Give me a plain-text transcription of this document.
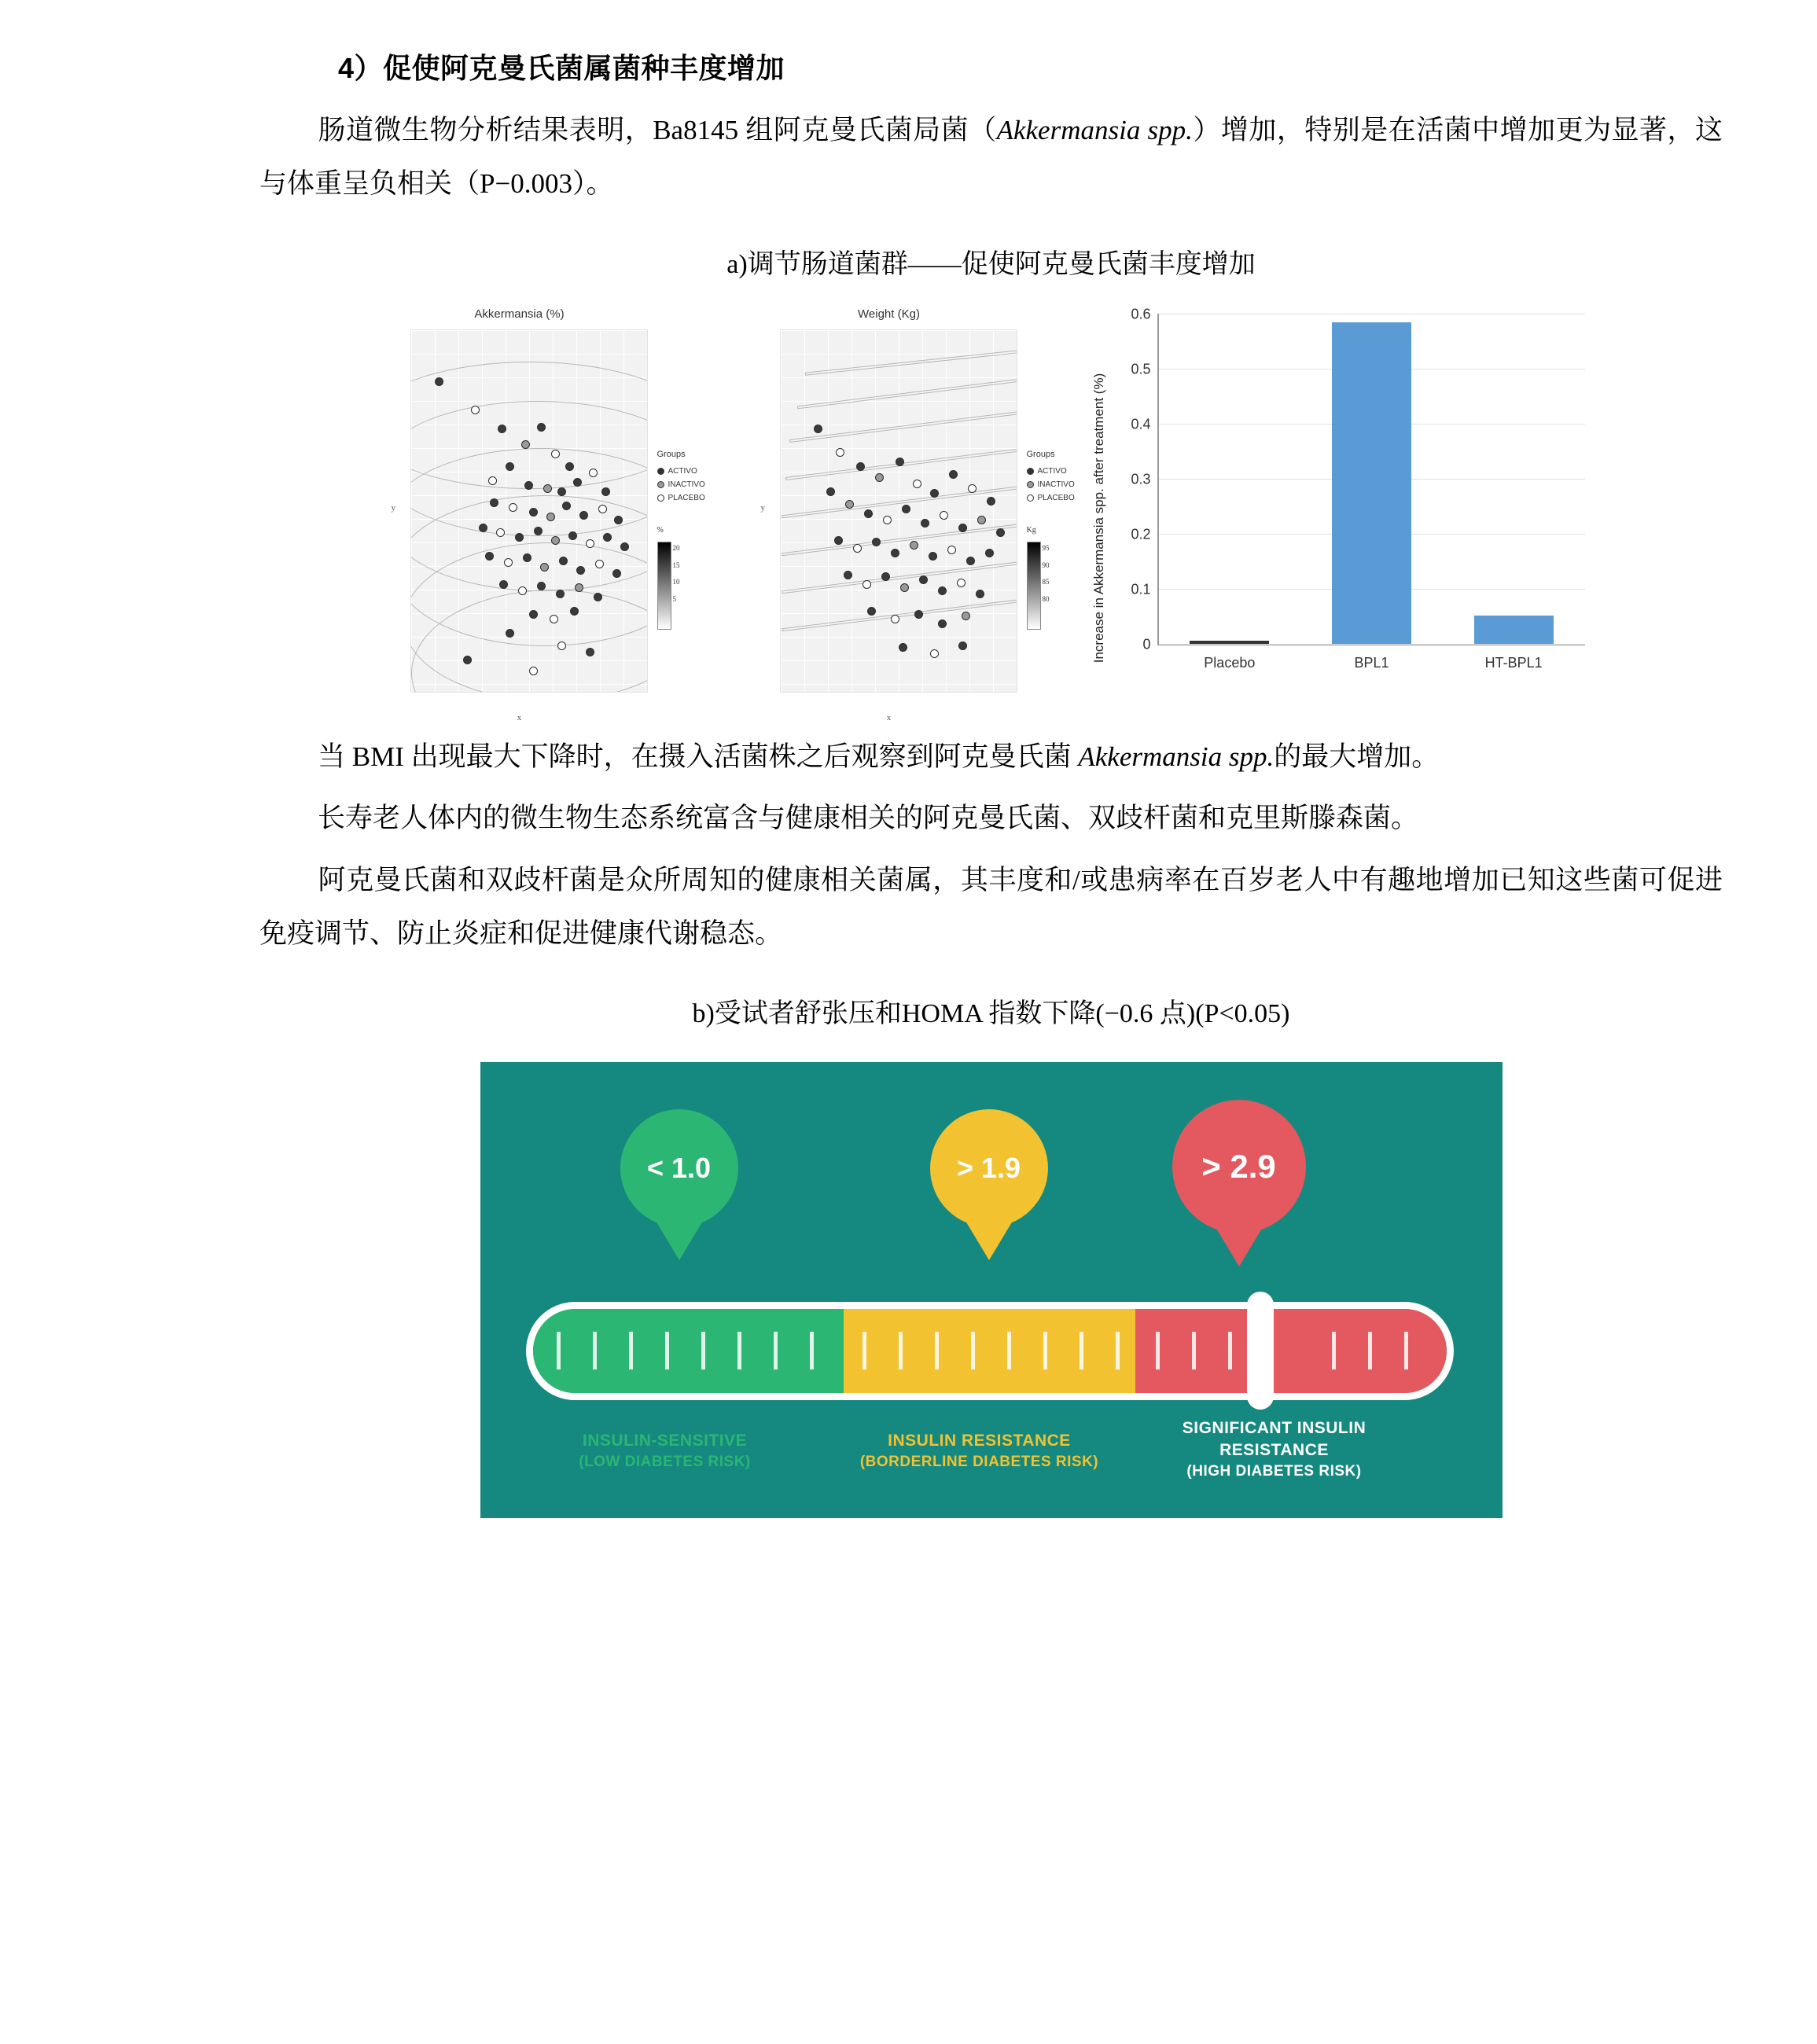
4）促使阿克曼氏菌属菌种丰度增加

肠道微生物分析结果表明，Ba8145 组阿克曼氏菌局菌（Akkermansia spp.）增加，特别是在活菌中增加更为显著，这与体重呈负相关（P−0.003）。

a)调节肠道菌群——促使阿克曼氏菌丰度增加
Akkermansia (%)
y
x
Groups
ACTIVO
INACTIVO
PLACEBO
%
20
15
10
5
Weight (Kg)
y
x
Groups
ACTIVO
INACTIVO
PLACEBO
Kg
95
90
85
80	Increase in Akkermansia spp. after treatment (%)	0
0.1
0.2
0.3
0.4
0.5
0.6
Placebo	BPL1	HT-BPL1

当 BMI 出现最大下降时，在摄入活菌株之后观察到阿克曼氏菌 Akkermansia spp.的最大增加。

长寿老人体内的微生物生态系统富含与健康相关的阿克曼氏菌、双歧杆菌和克里斯滕森菌。

阿克曼氏菌和双歧杆菌是众所周知的健康相关菌属，其丰度和/或患病率在百岁老人中有趣地增加已知这些菌可促进免疫调节、防止炎症和促进健康代谢稳态。

b)受试者舒张压和HOMA 指数下降(−0.6 点)(P<0.05)
< 1.0	> 1.9	> 2.9
INSULIN-SENSITIVE
(LOW DIABETES RISK)
INSULIN RESISTANCE
(BORDERLINE DIABETES RISK)
SIGNIFICANT INSULIN RESISTANCE
(HIGH DIABETES RISK)
